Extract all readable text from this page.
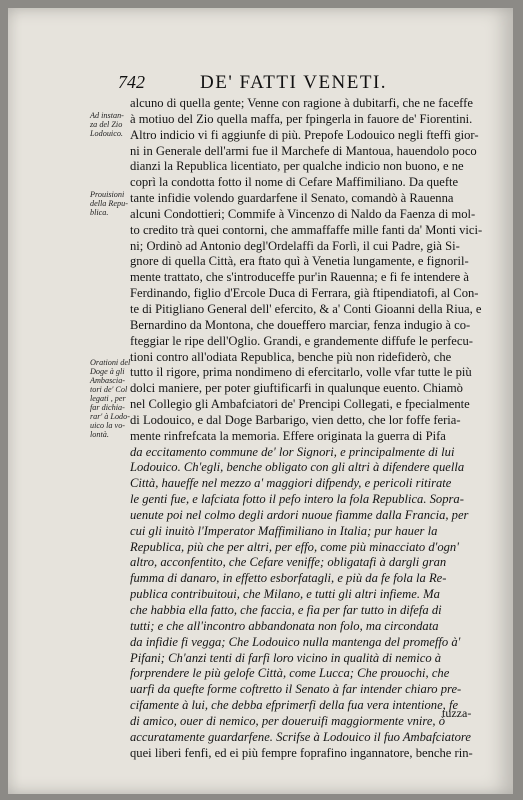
742	DE' FATTI VENETI.
Ad instan-
za del Zio
Lodouico.
Prouisioni
della Repu-
blica.
Orationi del
Doge à gli
Ambascia-
tori de' Col
legati , per
far dichia-
rar' à Lodo-
uico la vo-
lontà.
alcuno di quella gente; Venne con ragione à dubitarfi, che ne faceffe
à motiuo del Zio quella maffa, per fpingerla in fauore de' Fiorentini.
Altro indicio vi fi aggiunfe di più. Prepofe Lodouico negli fteffi gior-
ni in Generale dell'armi fue il Marchefe di Mantoua, hauendolo poco
dianzi la Republica licentiato, per qualche indicio non buono, e ne
coprì la condotta fotto il nome di Cefare Maffimiliano. Da quefte
tante infidie volendo guardarfene il Senato, comandò à Rauenna
alcuni Condottieri; Commife à Vincenzo di Naldo da Faenza di mol-
to credito trà quei contorni, che ammaffaffe mille fanti da' Monti vici-
ni; Ordinò ad Antonio degl'Ordelaffi da Forlì, il cui Padre, già Si-
gnore di quella Città, era ftato quì à Venetia lungamente, e fignoril-
mente trattato, che s'introduceffe pur'in Rauenna; e fi fe intendere à
Ferdinando, figlio d'Ercole Duca di Ferrara, già ftipendiatofi, al Con-
te di Pitigliano General dell' efercito, & a' Conti Gioanni della Riua, e
Bernardino da Montona, che doueffero marciar, fenza indugio à co-
fteggiar le ripe dell'Oglio. Grandi, e grandemente diffufe le perfecu-
tioni contro all'odiata Republica, benche più non ridefiderò, che
tutto il rigore, prima nondimeno di efercitarlo, volle vfar tutte le più
dolci maniere, per poter giuftificarfi in qualunque euento. Chiamò
nel Collegio gli Ambafciatori de' Prencipi Collegati, e fpecialmente
di Lodouico, e dal Doge Barbarigo, vien detto, che lor foffe feria-
mente rinfrefcata la memoria. Effere originata la guerra di Pifa
da eccitamento commune de' lor Signori, e principalmente di lui
Lodouico. Ch'egli, benche obligato con gli altri à difendere quella
Città, haueffe nel mezzo a' maggiori difpendy, e pericoli ritirate
le genti fue, e lafciata fotto il pefo intero la fola Republica. Sopra-
uenute poi nel colmo degli ardori nuoue fiamme dalla Francia, per
cui gli inuitò l'Imperator Maffimiliano in Italia; pur hauer la
Republica, più che per altri, per effo, come più minacciato d'ogn'
altro, acconfentito, che Cefare veniffe; obligatafi à dargli gran
fumma di danaro, in effetto esborfatagli, e più da fe fola la Re-
publica contribuitoui, che Milano, e tutti gli altri infieme. Ma
che habbia ella fatto, che faccia, e fia per far tutto in difefa di
tutti; e che all'incontro abbandonata non folo, ma circondata
da infidie fi vegga; Che Lodouico nulla mantenga del promeffo à'
Pifani; Ch'anzi tenti di farfi loro vicino in qualità di nemico à
forprendere le più gelofe Città, come Lucca; Che prouochi, che
uarfi da quefte forme coftretto il Senato à far intender chiaro pre-
cifamente à lui, che debba efprimerfi della fua vera intentione, fe
di amico, ouer di nemico, per doueruifi maggiormente vnire, ò
accuratamente guardarfene. Scrifse à Lodouico il fuo Ambafciatore
quei liberi fenfi, ed ei più fempre foprafino ingannatore, benche rin-
tuzza-
